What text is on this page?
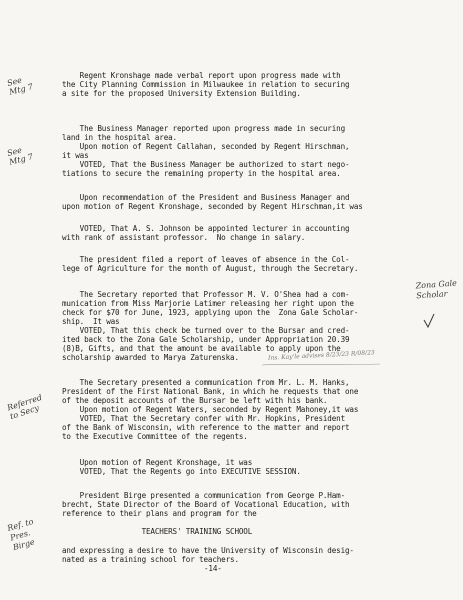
Regent Kronshage made verbal report upon progress made with
the City Planning Commission in Milwaukee in relation to securing
a site for the proposed University Extension Building.
The Business Manager reported upon progress made in securing
land in the hospital area.
Upon motion of Regent Callahan, seconded by Regent Hirschman,
it was
VOTED, That the Business Manager be authorized to start nego-
tiations to secure the remaining property in the hospital area.
Upon recommendation of the President and Business Manager and
upon motion of Regent Kronshage, seconded by Regent Hirschman,it was
VOTED, That A. S. Johnson be appointed lecturer in accounting
with rank of assistant professor.  No change in salary.
The president filed a report of leaves of absence in the Col-
lege of Agriculture for the month of August, through the Secretary.
The Secretary reported that Professor M. V. O'Shea had a com-
munication from Miss Marjorie Latimer releasing her right upon the
check for $70 for June, 1923, applying upon the  Zona Gale Scholar-
ship.  It was
VOTED, That this check be turned over to the Bursar and cred-
ited back to the Zona Gale Scholarship, under Appropriation 20.39
(8)B, Gifts, and that the amount be available to apply upon the
scholarship awarded to Marya Zaturenska.
The Secretary presented a communication from Mr. L. M. Hanks,
President of the First National Bank, in which he requests that one
of the deposit accounts of the Bursar be left with his bank.
Upon motion of Regent Waters, seconded by Regent Mahoney,it was
VOTED, That the Secretary confer with Mr. Hopkins, President
of the Bank of Wisconsin, with reference to the matter and report
to the Executive Committee of the regents.
Upon motion of Regent Kronshage, it was
VOTED, That the Regents go into EXECUTIVE SESSION.
President Birge presented a communication from George P.Ham-
brecht, State Director of the Board of Vocational Education, with
reference to their plans and program for the
TEACHERS' TRAINING SCHOOL
and expressing a desire to have the University of Wisconsin desig-
nated as a training school for teachers.
-14-
See
Mtg 7
See
Mtg 7
Zona Gale
Scholar
Ins. Kay'le advises 8/23/23 R/08/23
Referred
to Secy
Ref. to
Pres.
Birge
